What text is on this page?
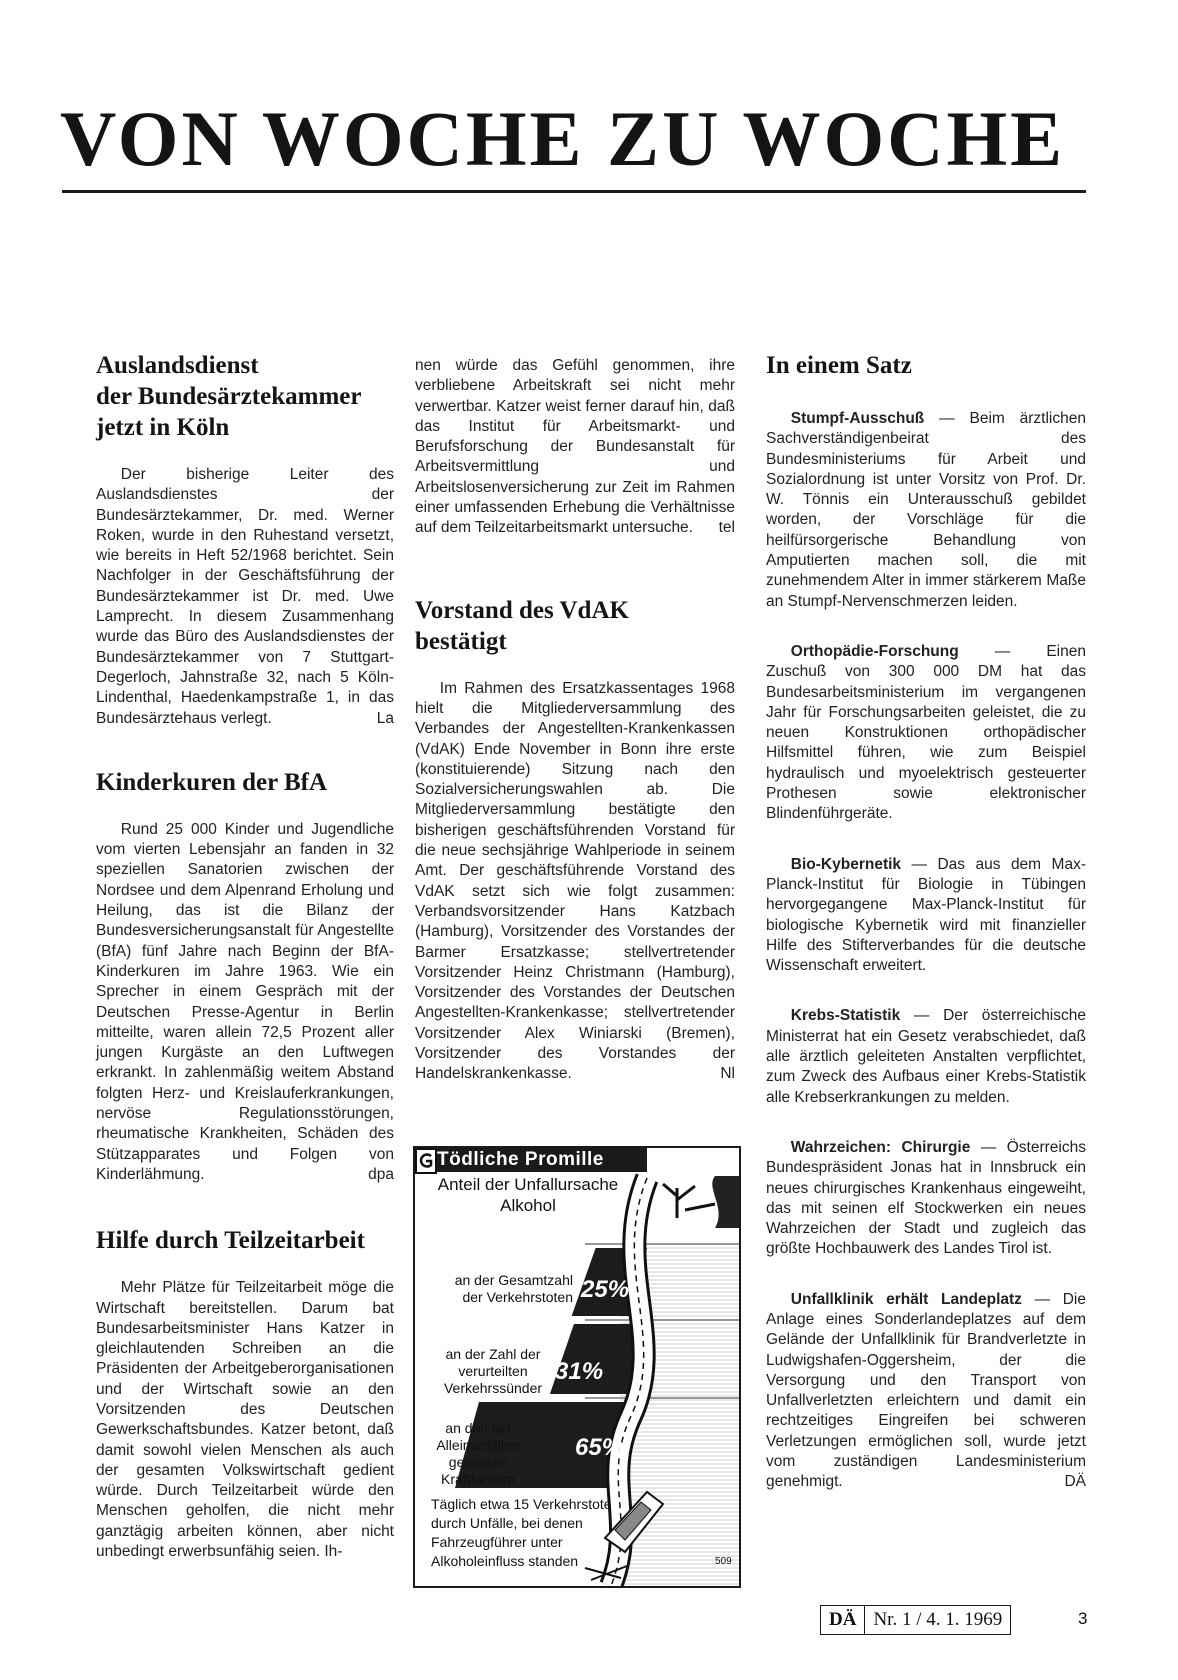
VON WOCHE ZU WOCHE
Auslandsdienst
der Bundesärztekammer
jetzt in Köln

Der bisherige Leiter des Auslandsdienstes der Bundesärztekammer, Dr. med. Werner Roken, wurde in den Ruhestand versetzt, wie bereits in Heft 52/1968 berichtet. Sein Nachfolger in der Geschäftsführung der Bundesärztekammer ist Dr. med. Uwe Lamprecht. In diesem Zusammenhang wurde das Büro des Auslandsdienstes der Bundesärztekammer von 7 Stuttgart-Degerloch, Jahnstraße 32, nach 5 Köln-Lindenthal, Haedenkampstraße 1, in das Bundesärztehaus verlegt.	La

Kinderkuren der BfA

Rund 25 000 Kinder und Jugendliche vom vierten Lebensjahr an fanden in 32 speziellen Sanatorien zwischen der Nordsee und dem Alpenrand Erholung und Heilung, das ist die Bilanz der Bundesversicherungsanstalt für Angestellte (BfA) fünf Jahre nach Beginn der BfA-Kinderkuren im Jahre 1963. Wie ein Sprecher in einem Gespräch mit der Deutschen Presse-Agentur in Berlin mitteilte, waren allein 72,5 Prozent aller jungen Kurgäste an den Luftwegen erkrankt. In zahlenmäßig weitem Abstand folgten Herz- und Kreislauferkrankungen, nervöse Regulationsstörungen, rheumatische Krankheiten, Schäden des Stützapparates und Folgen von Kinderlähmung.	dpa

Hilfe durch Teilzeitarbeit

Mehr Plätze für Teilzeitarbeit möge die Wirtschaft bereitstellen. Darum bat Bundesarbeitsminister Hans Katzer in gleichlautenden Schreiben an die Präsidenten der Arbeitgeberorganisationen und der Wirtschaft sowie an den Vorsitzenden des Deutschen Gewerkschaftsbundes. Katzer betont, daß damit sowohl vielen Menschen als auch der gesamten Volkswirtschaft gedient würde. Durch Teilzeitarbeit würde den Menschen geholfen, die nicht mehr ganztägig arbeiten können, aber nicht unbedingt erwerbsunfähig seien. Ih-

nen würde das Gefühl genommen, ihre verbliebene Arbeitskraft sei nicht mehr verwertbar. Katzer weist ferner darauf hin, daß das Institut für Arbeitsmarkt- und Berufsforschung der Bundesanstalt für Arbeitsvermittlung und Arbeitslosenversicherung zur Zeit im Rahmen einer umfassenden Erhebung die Verhältnisse auf dem Teilzeitarbeitsmarkt untersuche. tel

Vorstand des VdAK
bestätigt

Im Rahmen des Ersatzkassentages 1968 hielt die Mitgliederversammlung des Verbandes der Angestellten-Krankenkassen (VdAK) Ende November in Bonn ihre erste (konstituierende) Sitzung nach den Sozialversicherungswahlen ab. Die Mitgliederversammlung bestätigte den bisherigen geschäftsführenden Vorstand für die neue sechsjährige Wahlperiode in seinem Amt. Der geschäftsführende Vorstand des VdAK setzt sich wie folgt zusammen: Verbandsvorsitzender Hans Katzbach (Hamburg), Vorsitzender des Vorstandes der Barmer Ersatzkasse; stellvertretender Vorsitzender Heinz Christmann (Hamburg), Vorsitzender des Vorstandes der Deutschen Angestellten-Krankenkasse; stellvertretender Vorsitzender Alex Winiarski (Bremen), Vorsitzender des Vorstandes der Handelskrankenkasse.	Nl

In einem Satz

Stumpf-Ausschuß — Beim ärztlichen Sachverständigenbeirat des Bundesministeriums für Arbeit und Sozialordnung ist unter Vorsitz von Prof. Dr. W. Tönnis ein Unterausschuß gebildet worden, der Vorschläge für die heilfürsorgerische Behandlung von Amputierten machen soll, die mit zunehmendem Alter in immer stärkerem Maße an Stumpf-Nervenschmerzen leiden.

Orthopädie-Forschung — Einen Zuschuß von 300 000 DM hat das Bundesarbeitsministerium im vergangenen Jahr für Forschungsarbeiten geleistet, die zu neuen Konstruktionen orthopädischer Hilfsmittel führen, wie zum Beispiel hydraulisch und myoelektrisch gesteuerter Prothesen sowie elektronischer Blindenführgeräte.

Bio-Kybernetik — Das aus dem Max-Planck-Institut für Biologie in Tübingen hervorgegangene Max-Planck-Institut für biologische Kybernetik wird mit finanzieller Hilfe des Stifterverbandes für die deutsche Wissenschaft erweitert.

Krebs-Statistik — Der österreichische Ministerrat hat ein Gesetz verabschiedet, daß alle ärztlich geleiteten Anstalten verpflichtet, zum Zweck des Aufbaus einer Krebs-Statistik alle Krebserkrankungen zu melden.

Wahrzeichen: Chirurgie — Österreichs Bundespräsident Jonas hat in Innsbruck ein neues chirurgisches Krankenhaus eingeweiht, das mit seinen elf Stockwerken ein neues Wahrzeichen der Stadt und zugleich das größte Hochbauwerk des Landes Tirol ist.

Unfallklinik erhält Landeplatz — Die Anlage eines Sonderlandeplatzes auf dem Gelände der Unfallklinik für Brandverletzte in Ludwigshafen-Oggersheim, der die Versorgung und den Transport von Unfallverletzten erleichtern und damit ein rechtzeitiges Eingreifen bei schweren Verletzungen ermöglichen soll, wurde jetzt vom zuständigen Landesministerium genehmigt.	DÄ

Tödliche Promille
Anteil der Unfallursache Alkohol
an der Gesamtzahl der Verkehrstoten
an der Zahl der verurteilten Verkehrssünder
an den bei Alleinunfällen getöteten Kraftfahrern
25%
31%
65%
Täglich etwa 15 Verkehrstote durch Unfälle, bei denen Fahrzeugführer unter Alkoholeinfluss standen	509
DÄ Nr. 1 / 4. 1. 1969	3
